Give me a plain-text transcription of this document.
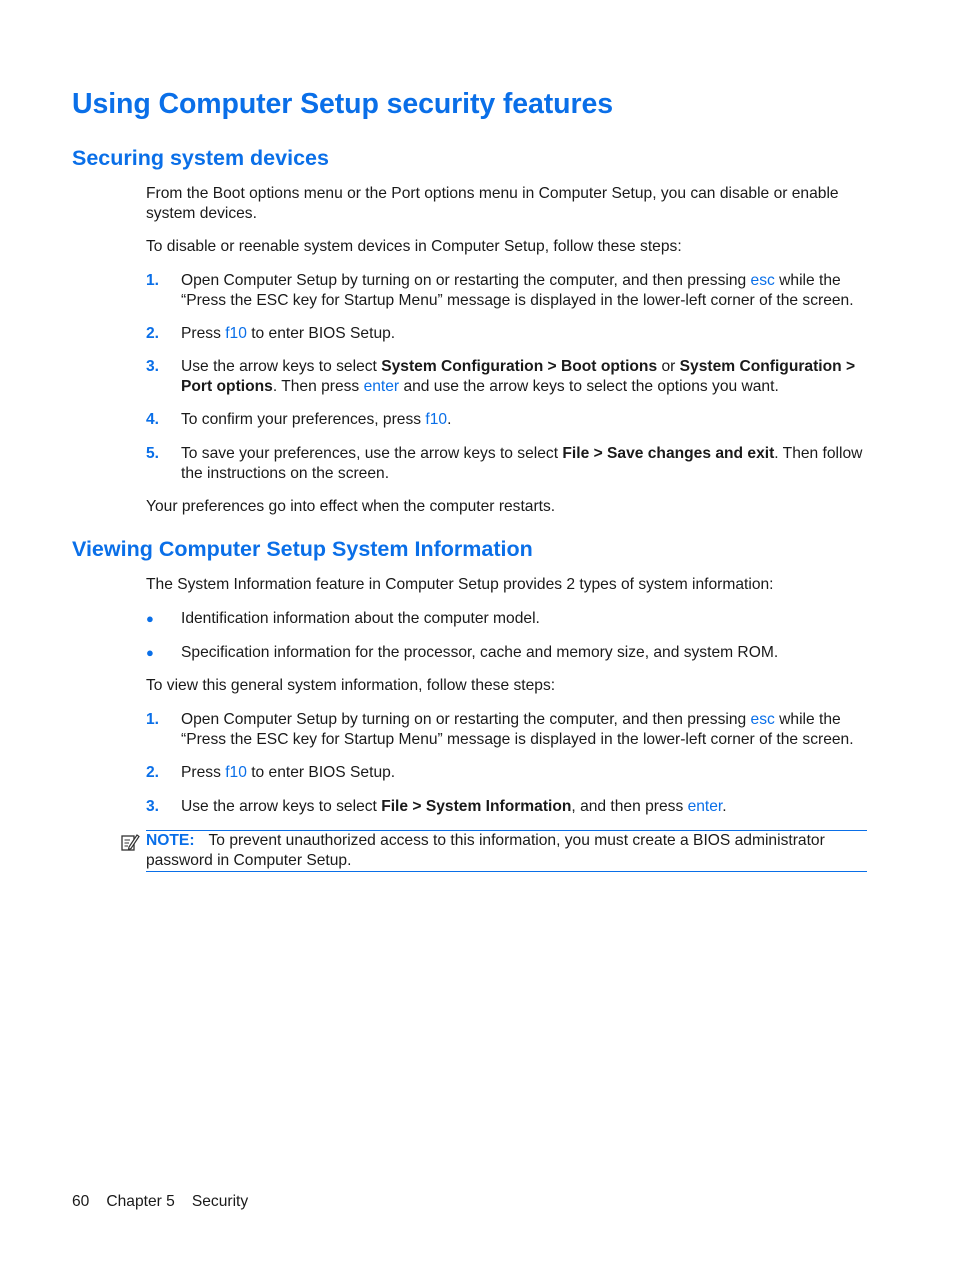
Using Computer Setup security features
Securing system devices

From the Boot options menu or the Port options menu in Computer Setup, you can disable or enable system devices.

To disable or reenable system devices in Computer Setup, follow these steps:

1. Open Computer Setup by turning on or restarting the computer, and then pressing esc while the “Press the ESC key for Startup Menu” message is displayed in the lower-left corner of the screen.
2. Press f10 to enter BIOS Setup.
3. Use the arrow keys to select System Configuration > Boot options or System Configuration > Port options. Then press enter and use the arrow keys to select the options you want.
4. To confirm your preferences, press f10.
5. To save your preferences, use the arrow keys to select File > Save changes and exit. Then follow the instructions on the screen.

Your preferences go into effect when the computer restarts.

Viewing Computer Setup System Information

The System Information feature in Computer Setup provides 2 types of system information:

● Identification information about the computer model.
● Specification information for the processor, cache and memory size, and system ROM.

To view this general system information, follow these steps:

1. Open Computer Setup by turning on or restarting the computer, and then pressing esc while the “Press the ESC key for Startup Menu” message is displayed in the lower-left corner of the screen.
2. Press f10 to enter BIOS Setup.
3. Use the arrow keys to select File > System Information, and then press enter.
NOTE: To prevent unauthorized access to this information, you must create a BIOS administrator password in Computer Setup.
60 Chapter 5 Security
